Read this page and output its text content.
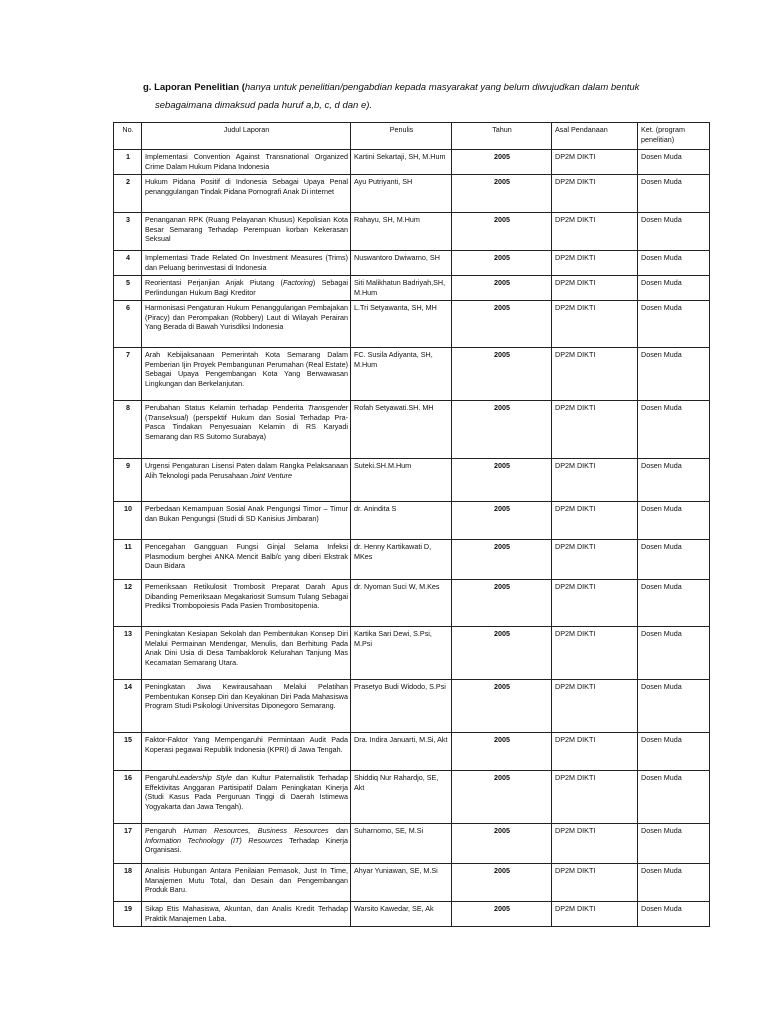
g. Laporan Penelitian (hanya untuk penelitian/pengabdian kepada masyarakat yang belum diwujudkan dalam bentuk
sebagaimana dimaksud pada huruf a,b, c, d dan e).
No.	Judul Laporan	Penulis	Tahun	Asal Pendanaan	Ket. (program penelitian)
1	Implementasi Convention Against Transnational Organized Crime Dalam Hukum Pidana Indonesia	Kartini Sekartaji, SH, M.Hum	2005	DP2M DIKTI	Dosen Muda
2	Hukum Pidana Positif di Indonesia Sebagai Upaya Penal penanggulangan Tindak Pidana Pornografi Anak Di internet	Ayu Putriyanti, SH	2005	DP2M DIKTI	Dosen Muda
3	Penanganan RPK (Ruang Pelayanan Khusus) Kepolisian Kota Besar Semarang Terhadap Perempuan korban Kekerasan Seksual	Rahayu, SH, M.Hum	2005	DP2M DIKTI	Dosen Muda
4	Implementasi Trade Related On Investment Measures (Trims) dan Peluang berinvestasi di Indonesia	Nuswantoro Dwiwarno, SH	2005	DP2M DIKTI	Dosen Muda
5	Reorientasi Perjanjian Anjak Piutang (Factoring) Sebagai Perlindungan Hukum Bagi Kreditor	Siti Malikhatun Badriyah,SH, M.Hum	2005	DP2M DIKTI	Dosen Muda
6	Harmonisasi Pengaturan Hukum Penanggulangan Pembajakan (Piracy) dan Perompakan (Robbery) Laut di Wilayah Perairan Yang Berada di Bawah Yurisdiksi Indonesia	L.Tri Setyawanta, SH, MH	2005	DP2M DIKTI	Dosen Muda
7	Arah Kebijaksanaan Pemerintah Kota Semarang Dalam Pemberian Ijin Proyek Pembangunan Perumahan (Real Estate) Sebagai Upaya Pengembangan Kota Yang Berwawasan Lingkungan dan Berkelanjutan.	FC. Susila Adiyanta, SH, M.Hum	2005	DP2M DIKTI	Dosen Muda
8	Perubahan Status Kelamin terhadap Penderita Transgender (Transeksual) (perspektif Hukum dan Sosial Terhadap Pra-Pasca Tindakan Penyesuaian Kelamin di RS Karyadi Semarang dan RS Sutomo Surabaya)	Rofah Setyawati.SH. MH	2005	DP2M DIKTI	Dosen Muda
9	Urgensi Pengaturan Lisensi Paten dalam Rangka Pelaksanaan Alih Teknologi pada Perusahaan Joint Venture	Suteki.SH.M.Hum	2005	DP2M DIKTI	Dosen Muda
10	Perbedaan Kemampuan Sosial Anak Pengungsi Timor – Timur dan Bukan Pengungsi (Studi di SD Kanisius Jimbaran)	dr. Anindita S	2005	DP2M DIKTI	Dosen Muda
11	Pencegahan Gangguan Fungsi Ginjal Selama Infeksi Plasmodium berghei ANKA Mencit Balb/c yang diberi Ekstrak Daun Bidara	dr. Henny Kartikawati D, MKes	2005	DP2M DIKTI	Dosen Muda
12	Pemeriksaan Retikulosit Trombosit Preparat Darah Apus Dibanding Pemeriksaan Megakariosit Sumsum Tulang Sebagai Prediksi Trombopoiesis Pada Pasien Trombositopenia.	dr. Nyoman Suci W, M.Kes	2005	DP2M DIKTI	Dosen Muda
13	Peningkatan Kesiapan Sekolah dan Pembentukan Konsep Diri Melalui Permainan Mendengar, Menulis, dan Berhitung Pada Anak Dini Usia di Desa Tambaklorok Kelurahan Tanjung Mas Kecamatan Semarang Utara.	Kartika Sari Dewi, S.Psi, M.Psi	2005	DP2M DIKTI	Dosen Muda
14	Peningkatan Jiwa Kewirausahaan Melalui Pelatihan Pembentukan Konsep Diri dan Keyakinan Diri Pada Mahasiswa Program Studi Psikologi Universitas Diponegoro Semarang.	Prasetyo Budi Widodo, S.Psi	2005	DP2M DIKTI	Dosen Muda
15	Faktor-Faktor Yang Mempengaruhi Permintaan Audit Pada Koperasi pegawai Republik Indonesia (KPRI) di Jawa Tengah.	Dra. Indira Januarti, M.Si, Akt	2005	DP2M DIKTI	Dosen Muda
16	PengaruhLeadership Style dan Kultur Paternalistik Terhadap Effektivitas Anggaran Partisipatif Dalam Peningkatan Kinerja (Studi Kasus Pada Perguruan Tinggi di Daerah Istimewa Yogyakarta dan Jawa Tengah).	Shiddiq Nur Rahardjo, SE, Akt	2005	DP2M DIKTI	Dosen Muda
17	Pengaruh Human Resources, Business Resources dan Information Technology (IT) Resources Terhadap Kinerja Organisasi.	Suharnomo, SE, M.Si	2005	DP2M DIKTI	Dosen Muda
18	Analisis Hubungan Antara Penilaian Pemasok, Just In Time, Manajemen Mutu Total, dan Desain dan Pengembangan Produk Baru.	Ahyar Yuniawan, SE, M.Si	2005	DP2M DIKTI	Dosen Muda
19	Sikap Etis Mahasiswa, Akuntan, dan Analis Kredit Terhadap Praktik Manajemen Laba.	Warsito Kawedar, SE, Ak	2005	DP2M DIKTI	Dosen Muda
